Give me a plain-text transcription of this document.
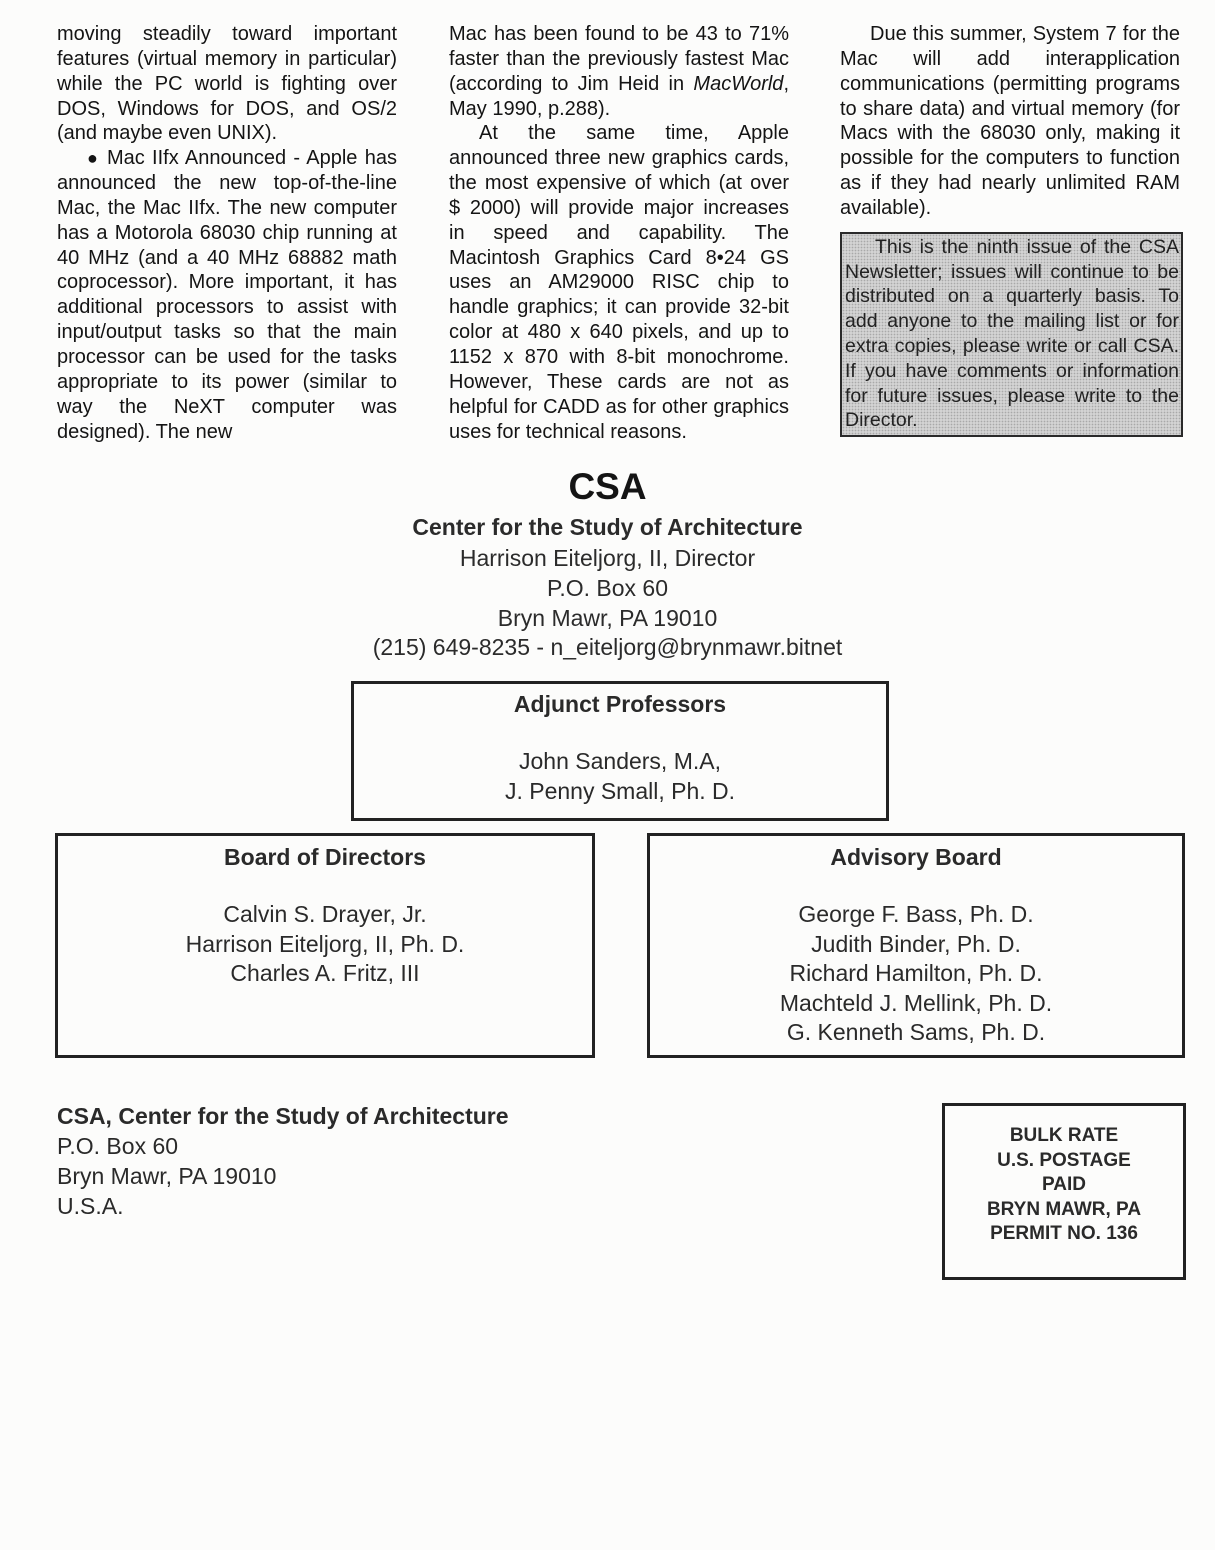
moving steadily toward important features (virtual memory in particular) while the PC world is fighting over DOS, Windows for DOS, and OS/2 (and maybe even UNIX).

● Mac IIfx Announced - Apple has announced the new top-of-the-line Mac, the Mac IIfx. The new computer has a Motorola 68030 chip running at 40 MHz (and a 40 MHz 68882 math coprocessor). More important, it has additional processors to assist with input/output tasks so that the main processor can be used for the tasks appropriate to its power (similar to way the NeXT computer was designed). The new

Mac has been found to be 43 to 71% faster than the previously fastest Mac (according to Jim Heid in MacWorld, May 1990, p.288).

At the same time, Apple announced three new graphics cards, the most expensive of which (at over $ 2000) will provide major increases in speed and capability. The Macintosh Graphics Card 8•24 GS uses an AM29000 RISC chip to handle graphics; it can provide 32-bit color at 480 x 640 pixels, and up to 1152 x 870 with 8-bit monochrome. However, These cards are not as helpful for CADD as for other graphics uses for technical reasons.

Due this summer, System 7 for the Mac will add interapplication communications (permitting programs to share data) and virtual memory (for Macs with the 68030 only, making it possible for the computers to function as if they had nearly unlimited RAM available).

This is the ninth issue of the CSA Newsletter; issues will continue to be distributed on a quarterly basis. To add anyone to the mailing list or for extra copies, please write or call CSA. If you have comments or information for future issues, please write to the Director.

CSA
Center for the Study of Architecture
Harrison Eiteljorg, II, Director
P.O. Box 60
Bryn Mawr, PA 19010
(215) 649-8235 - n_eiteljorg@brynmawr.bitnet
Adjunct Professors
John Sanders, M.A,
J. Penny Small, Ph. D.
Board of Directors
Calvin S. Drayer, Jr.
Harrison Eiteljorg, II, Ph. D.
Charles A. Fritz, III
Advisory Board
George F. Bass, Ph. D.
Judith Binder, Ph. D.
Richard Hamilton, Ph. D.
Machteld J. Mellink, Ph. D.
G. Kenneth Sams, Ph. D.
CSA, Center for the Study of Architecture
P.O. Box 60
Bryn Mawr, PA 19010
U.S.A.
BULK RATE
U.S. POSTAGE
PAID
BRYN MAWR, PA
PERMIT NO. 136
